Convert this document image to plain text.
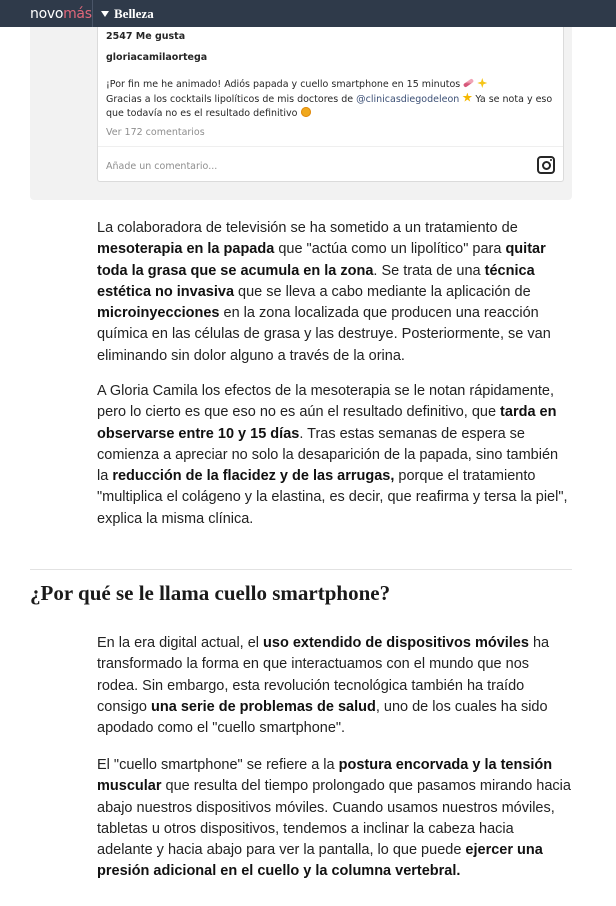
2547 Me gusta
gloriacamilaortega
¡Por fin me he animado! Adiós papada y cuello smartphone en 15 minutos
Gracias a los cocktails lipolíticos de mis doctores de @clinicasdiegodeleon Ya se nota y eso que todavía no es el resultado definitivo
Ver 172 comentarios
Añade un comentario...
novomás Belleza

La colaboradora de televisión se ha sometido a un tratamiento de mesoterapia en la papada que "actúa como un lipolítico" para quitar toda la grasa que se acumula en la zona. Se trata de una técnica estética no invasiva que se lleva a cabo mediante la aplicación de microinyecciones en la zona localizada que producen una reacción química en las células de grasa y las destruye. Posteriormente, se van eliminando sin dolor alguno a través de la orina.

A Gloria Camila los efectos de la mesoterapia se le notan rápidamente, pero lo cierto es que eso no es aún el resultado definitivo, que tarda en observarse entre 10 y 15 días. Tras estas semanas de espera se comienza a apreciar no solo la desaparición de la papada, sino también la reducción de la flacidez y de las arrugas, porque el tratamiento "multiplica el colágeno y la elastina, es decir, que reafirma y tersa la piel", explica la misma clínica.

¿Por qué se le llama cuello smartphone?

En la era digital actual, el uso extendido de dispositivos móviles ha transformado la forma en que interactuamos con el mundo que nos rodea. Sin embargo, esta revolución tecnológica también ha traído consigo una serie de problemas de salud, uno de los cuales ha sido apodado como el "cuello smartphone".

El "cuello smartphone" se refiere a la postura encorvada y la tensión muscular que resulta del tiempo prolongado que pasamos mirando hacia abajo nuestros dispositivos móviles. Cuando usamos nuestros móviles, tabletas u otros dispositivos, tendemos a inclinar la cabeza hacia adelante y hacia abajo para ver la pantalla, lo que puede ejercer una presión adicional en el cuello y la columna vertebral.
